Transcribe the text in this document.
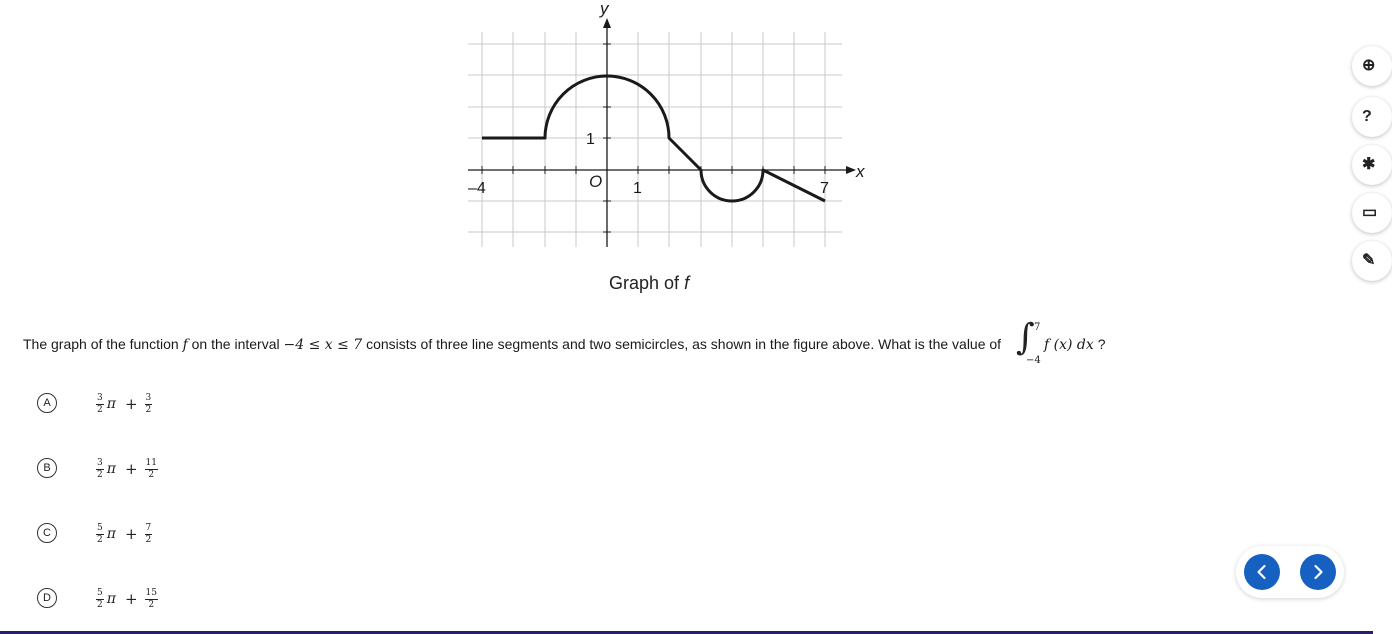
y
x
O
–4	1	7
1
Graph of f
The graph of the function f on the interval −4 ≤ x ≤ 7 consists of three line segments and two semicircles, as shown in the figure above. What is the value of ∫ 7
−4
f (x) dx ?
A	$\frac{3}{2}$ $\pi + \frac{3}{2}$
B	$\frac{3}{2}$ $\pi + \frac{11}{2}$
C	$\frac{5}{2}$ $\pi + \frac{7}{2}$
D	$\frac{5}{2}$ $\pi + \frac{15}{2}$
⊕
?
✱
▭
✎
